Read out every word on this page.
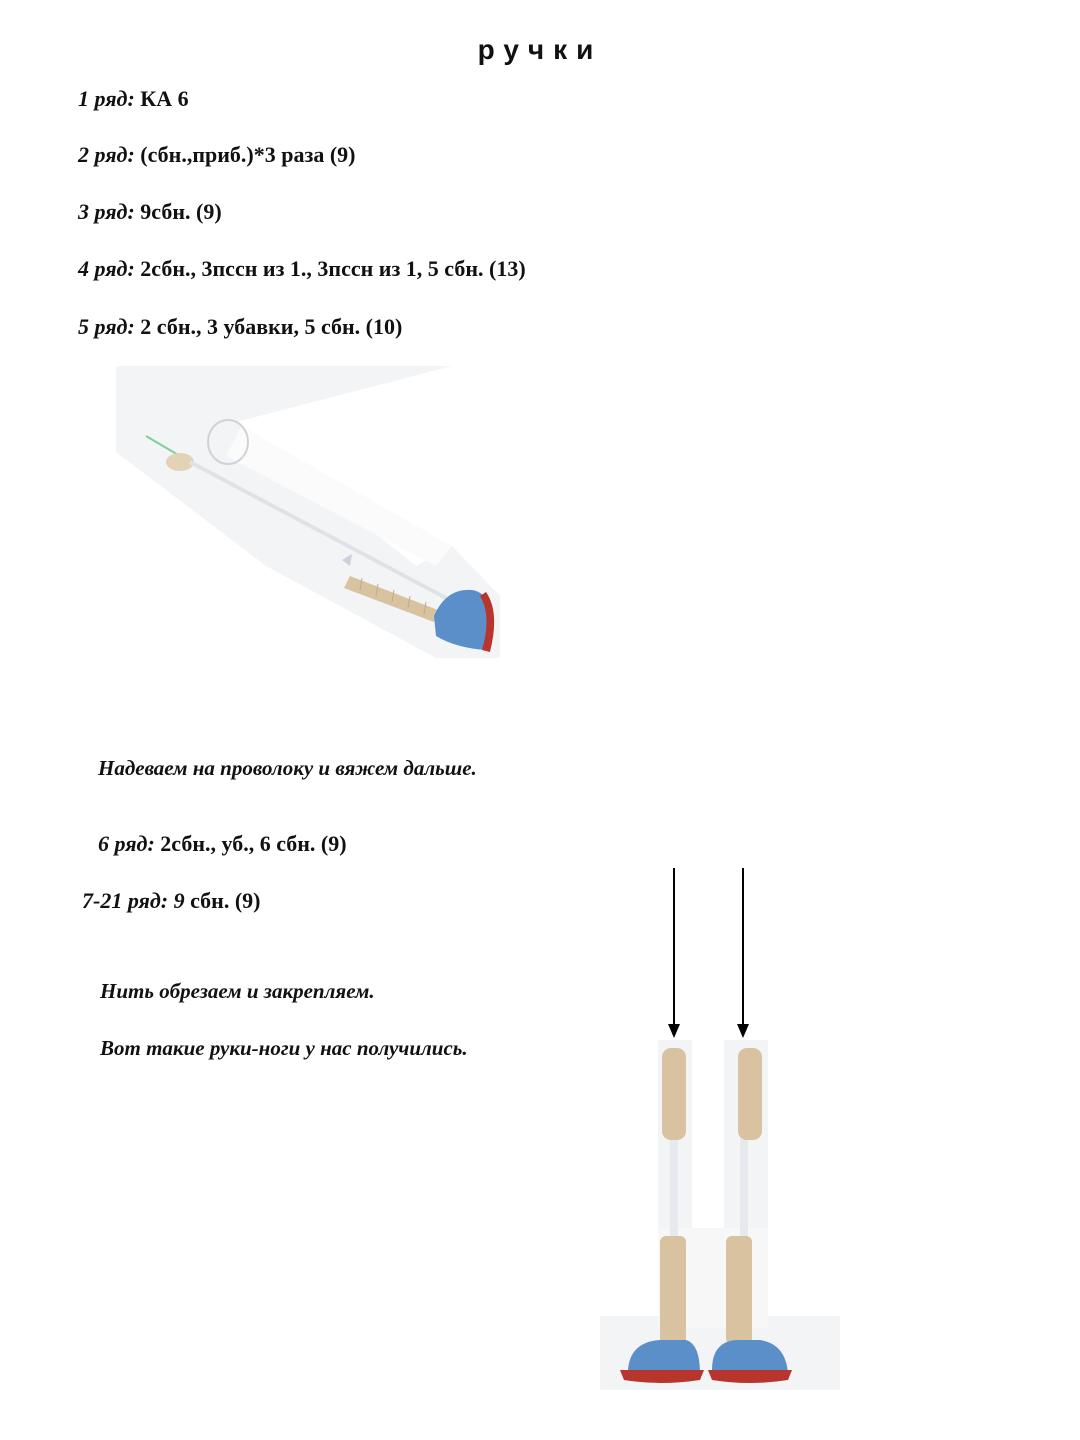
ручки
1 ряд: КА 6
2 ряд: (сбн.,приб.)*3 раза (9)
3 ряд: 9сбн. (9)
4 ряд: 2сбн., 3пссн из 1., 3пссн из 1, 5 сбн. (13)
5 ряд: 2 сбн., 3 убавки, 5 сбн. (10)
Надеваем на проволоку и вяжем дальше.
6 ряд: 2сбн., уб., 6 сбн. (9)
7-21 ряд: 9 сбн. (9)
Нить обрезаем и закрепляем.
Вот такие руки-ноги у нас получились.
